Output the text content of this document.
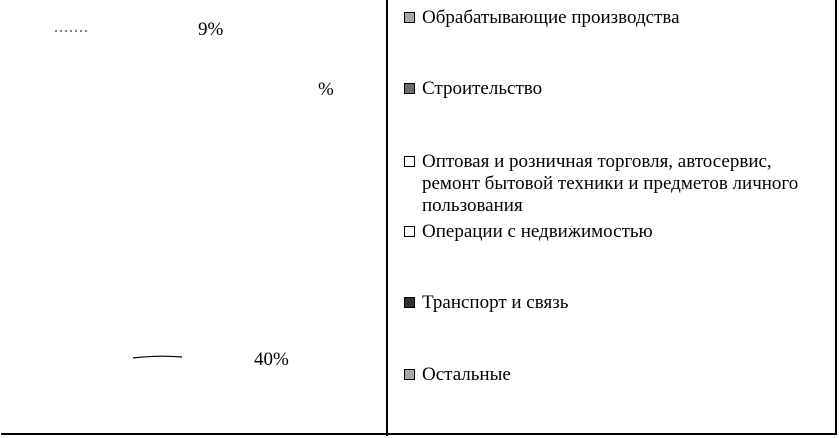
9%
40%
%
Обрабатывающие производства
Строительство
Оптовая и розничная торговля, автосервис, ремонт бытовой техники и предметов личного пользования
Операции с недвижимостью
Транспорт и связь
Остальные
